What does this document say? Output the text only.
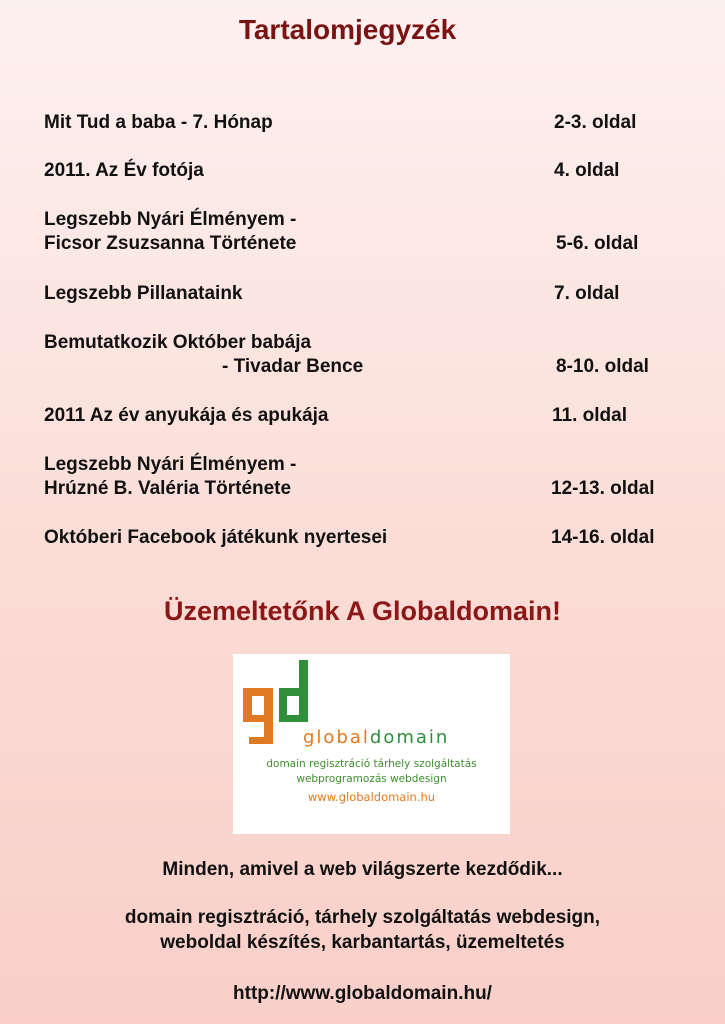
Tartalomjegyzék
Mit Tud a baba - 7. Hónap	2-3. oldal
2011. Az Év fotója	4. oldal
Legszebb Nyári Élményem -
Ficsor Zsuzsanna Története	5-6. oldal
Legszebb Pillanataink	7. oldal
Bemutatkozik Október babája
- Tivadar Bence	8-10. oldal
2011 Az év anyukája és apukája	11. oldal
Legszebb Nyári Élményem -
Hrúzné B. Valéria Története	12-13. oldal
Októberi Facebook játékunk nyertesei	14-16. oldal
Üzemeltetőnk A Globaldomain!
globaldomain
domain regisztráció tárhely szolgáltatás
webprogramozás webdesign
www.globaldomain.hu
Minden, amivel a web világszerte kezdődik...
domain regisztráció, tárhely szolgáltatás webdesign,
weboldal készítés, karbantartás, üzemeltetés
http://www.globaldomain.hu/
